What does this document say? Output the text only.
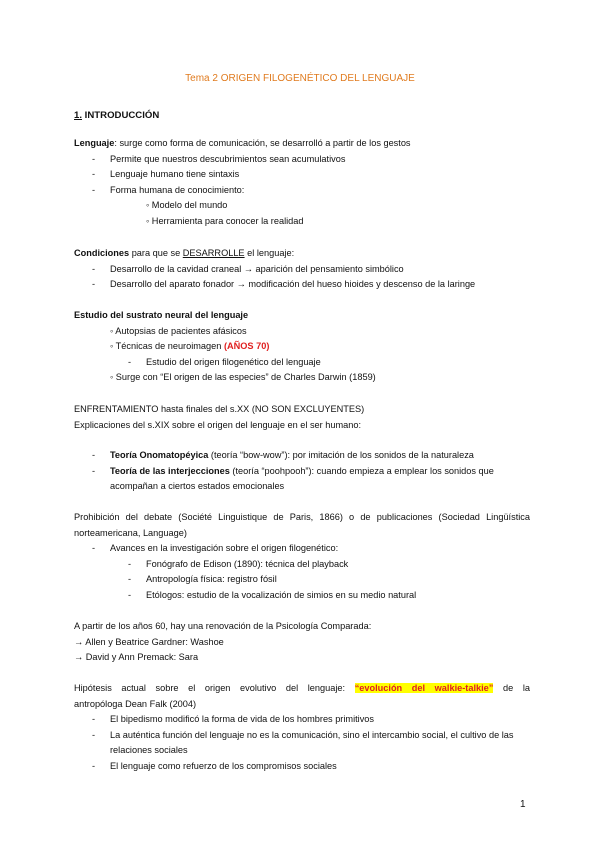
Tema 2 ORIGEN FILOGENÉTICO DEL LENGUAJE
1. INTRODUCCIÓN
Lenguaje: surge como forma de comunicación, se desarrolló a partir de los gestos
- Permite que nuestros descubrimientos sean acumulativos
- Lenguaje humano tiene sintaxis
- Forma humana de conocimiento:
◦ Modelo del mundo
◦ Herramienta para conocer la realidad
Condiciones para que se DESARROLLE el lenguaje:
- Desarrollo de la cavidad craneal → aparición del pensamiento simbólico
- Desarrollo del aparato fonador → modificación del hueso hioides y descenso de la laringe
Estudio del sustrato neural del lenguaje
◦ Autopsias de pacientes afásicos
◦ Técnicas de neuroimagen (AÑOS 70)
- Estudio del origen filogenético del lenguaje
◦ Surge con “El origen de las especies” de Charles Darwin (1859)
ENFRENTAMIENTO hasta finales del s.XX (NO SON EXCLUYENTES)
Explicaciones del s.XIX sobre el origen del lenguaje en el ser humano:
- Teoría Onomatopéyica (teoría “bow-wow”): por imitación de los sonidos de la naturaleza
- Teoría de las interjecciones (teoría “poohpooh”): cuando empieza a emplear los sonidos que acompañan a ciertos estados emocionales
Prohibición del debate (Société Linguistique de Paris, 1866) o de publicaciones (Sociedad Lingüística
norteamericana, Language)
- Avances en la investigación sobre el origen filogenético:
- Fonógrafo de Edison (1890): técnica del playback
- Antropología física: registro fósil
- Etólogos: estudio de la vocalización de simios en su medio natural
A partir de los años 60, hay una renovación de la Psicología Comparada:
→ Allen y Beatrice Gardner: Washoe
→ David y Ann Premack: Sara
Hipótesis actual sobre el origen evolutivo del lenguaje: “evolución del walkie-talkie” de la
antropóloga Dean Falk (2004)
- El bipedismo modificó la forma de vida de los hombres primitivos
- La auténtica función del lenguaje no es la comunicación, sino el intercambio social, el cultivo de las relaciones sociales
- El lenguaje como refuerzo de los compromisos sociales
1
